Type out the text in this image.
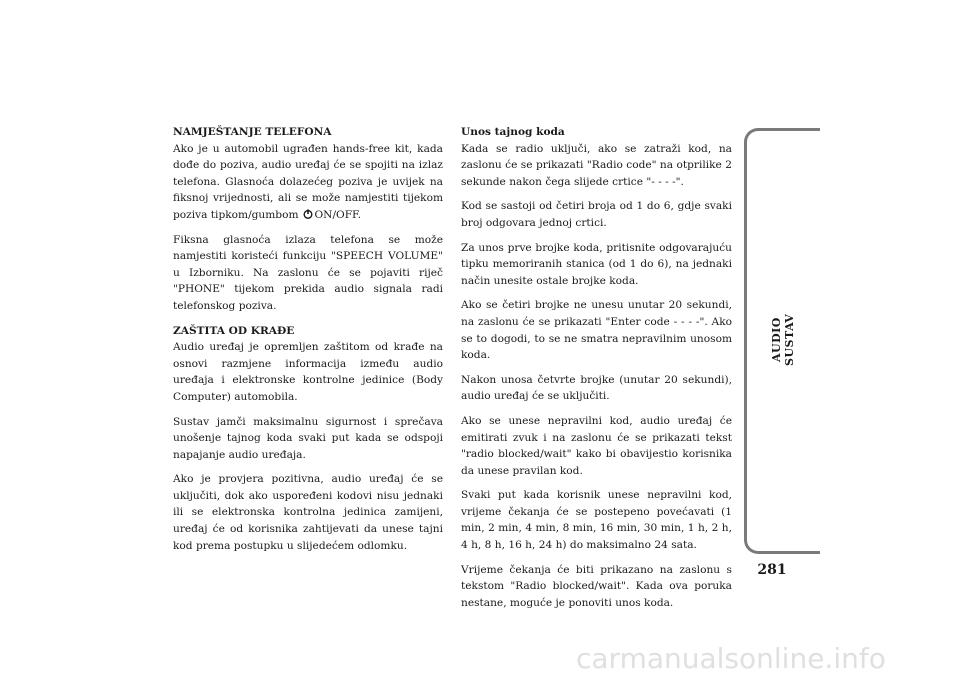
NAMJEŠTANJE TELEFONA

Ako je u automobil ugrađen hands-free kit, kada dođe do poziva, audio uređaj će se spojiti na izlaz telefona. Glasnoća dolazećeg poziva je uvijek na fiksnoj vrijednosti, ali se može namjestiti tijekom poziva tipkom/gumbom ON/OFF.

Fiksna glasnoća izlaza telefona se može namjestiti koristeći funkciju "SPEECH VOLUME" u Izborniku. Na zaslonu će se pojaviti riječ "PHONE" tijekom prekida audio signala radi telefonskog poziva.

ZAŠTITA OD KRAĐE

Audio uređaj je opremljen zaštitom od krađe na osnovi razmjene informacija između audio uređaja i elektronske kontrolne jedinice (Body Computer) automobila.

Sustav jamči maksimalnu sigurnost i sprečava unošenje tajnog koda svaki put kada se odspoji napajanje audio uređaja.

Ako je provjera pozitivna, audio uređaj će se uključiti, dok ako uspoređeni kodovi nisu jednaki ili se elektronska kontrolna jedinica zamijeni, uređaj će od korisnika zahtijevati da unese tajni kod prema postupku u slijedećem odlomku.

Unos tajnog koda

Kada se radio uključi, ako se zatraži kod, na zaslonu će se prikazati "Radio code" na otprilike 2 sekunde nakon čega slijede crtice "- - - -".

Kod se sastoji od četiri broja od 1 do 6, gdje svaki broj odgovara jednoj crtici.

Za unos prve brojke koda, pritisnite odgovarajuću tipku memoriranih stanica (od 1 do 6), na jednaki način unesite ostale brojke koda.

Ako se četiri brojke ne unesu unutar 20 sekundi, na zaslonu će se prikazati "Enter code - - - -". Ako se to dogodi, to se ne smatra nepravilnim unosom koda.

Nakon unosa četvrte brojke (unutar 20 sekundi), audio uređaj će se uključiti.

Ako se unese nepravilni kod, audio uređaj će emitirati zvuk i na zaslonu će se prikazati tekst "radio blocked/wait" kako bi obavijestio korisnika da unese pravilan kod.

Svaki put kada korisnik unese nepravilni kod, vrijeme čekanja će se postepeno povećavati (1 min, 2 min, 4 min, 8 min, 16 min, 30 min, 1 h, 2 h, 4 h, 8 h, 16 h, 24 h) do maksimalno 24 sata.

Vrijeme čekanja će biti prikazano na zaslonu s tekstom "Radio blocked/wait". Kada ova poruka nestane, moguće je ponoviti unos koda.

AUDIO SUSTAV
281
carmanualsonline.info
